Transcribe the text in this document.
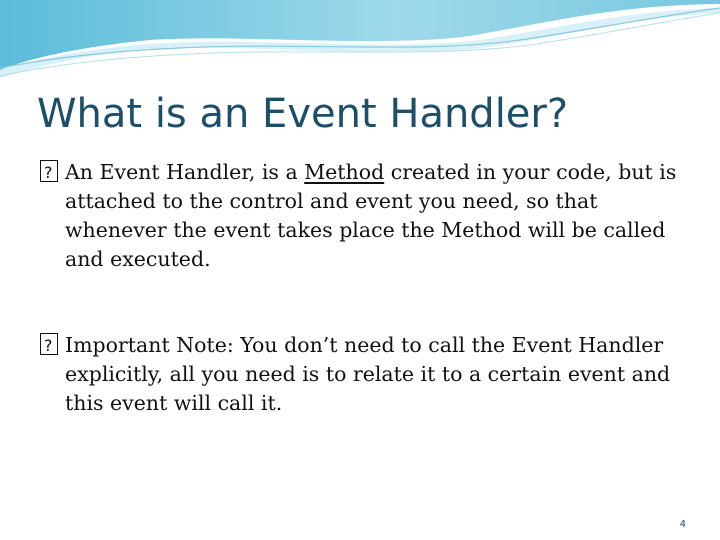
What is an Event Handler?

?
An Event Handler, is a Method created in your code, but is attached to the control and event you need, so that whenever the event takes place the Method will be called and executed.

?
Important Note: You don’t need to call the Event Handler explicitly, all you need is to relate it to a certain event and this event will call it.

4
